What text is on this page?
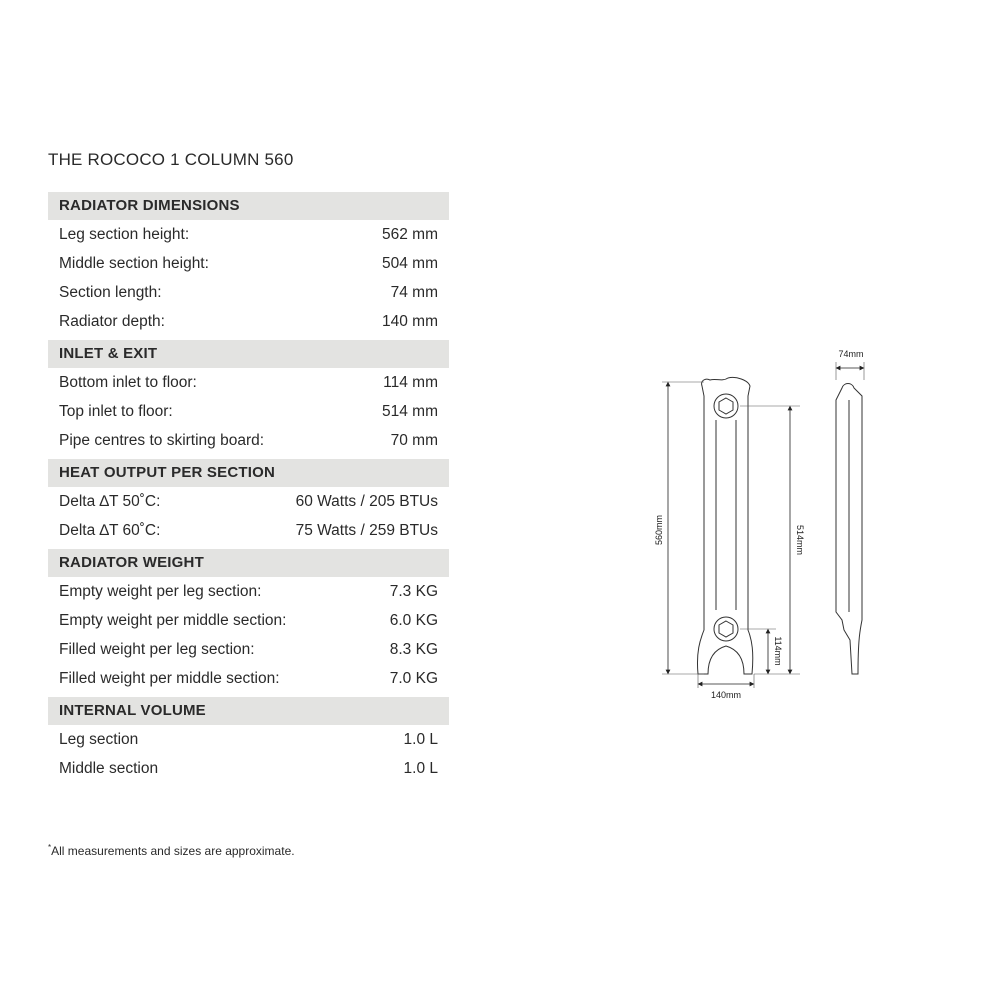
THE ROCOCO 1 COLUMN 560
RADIATOR DIMENSIONS
Leg section height:	562 mm
Middle section height:	504 mm
Section length:	74 mm
Radiator depth:	140 mm
INLET & EXIT
Bottom inlet to floor:	114 mm
Top inlet to floor:	514 mm
Pipe centres to skirting board:	70 mm
HEAT OUTPUT PER SECTION
Delta ∆T 50˚C:	60 Watts / 205 BTUs
Delta ∆T 60˚C:	75 Watts / 259 BTUs
RADIATOR WEIGHT
Empty weight per leg section:	7.3 KG
Empty weight per middle section:	6.0 KG
Filled weight per leg section:	8.3 KG
Filled weight per middle section:	7.0 KG
INTERNAL VOLUME
Leg section	1.0 L
Middle section	1.0 L
*All measurements and sizes are approximate.
560mm	514mm
114mm
140mm
74mm
